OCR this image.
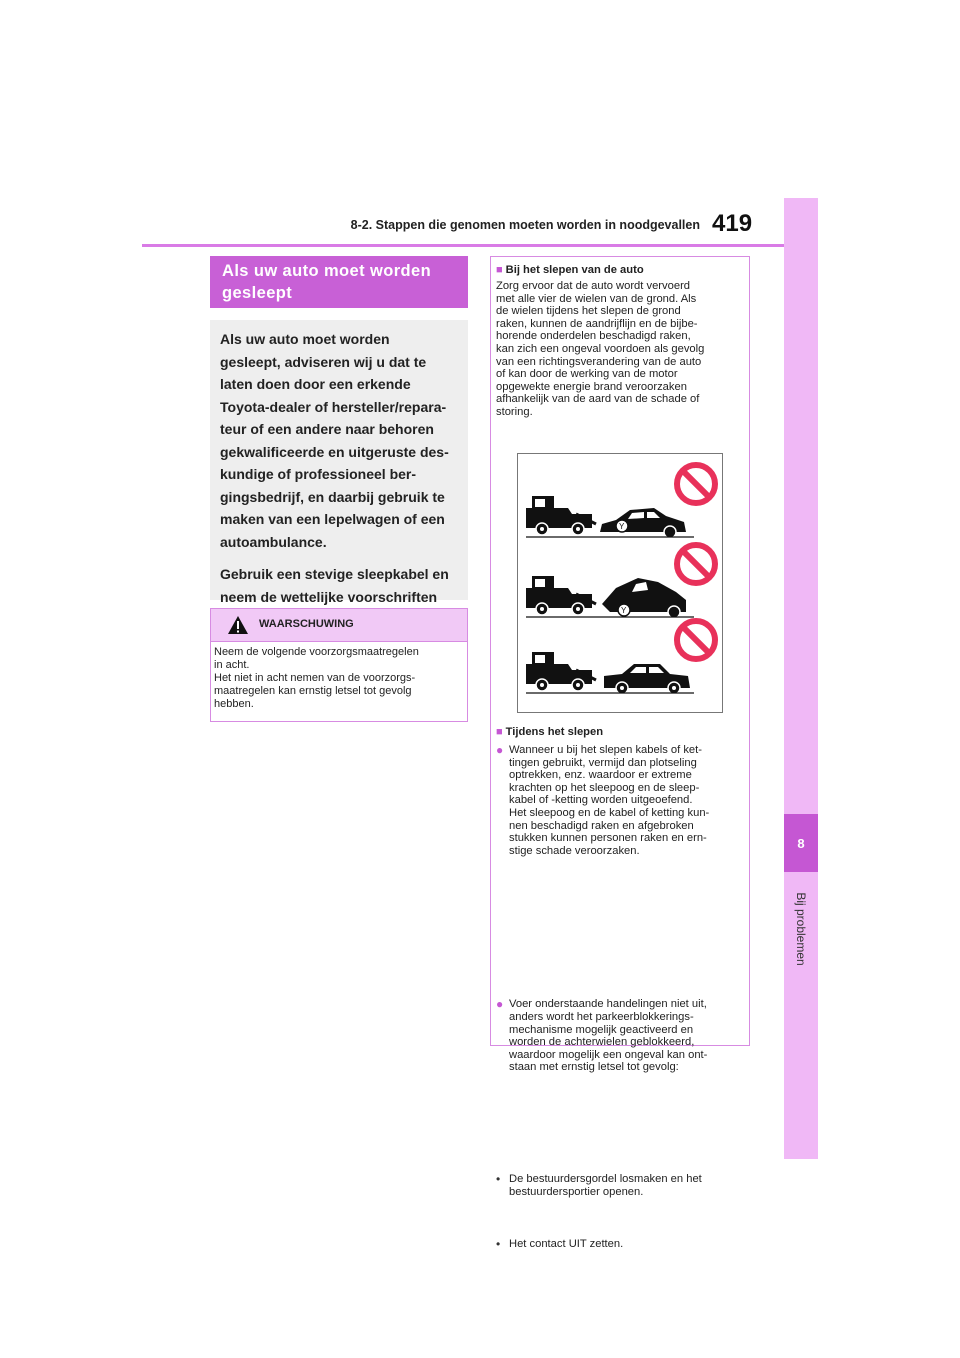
8-2. Stappen die genomen moeten worden in noodgevallen 419
8
Bij problemen
Als uw auto moet worden
gesleept

Als uw auto moet worden
gesleept, adviseren wij u dat te
laten doen door een erkende
Toyota-dealer of hersteller/repara-
teur of een andere naar behoren
gekwalificeerde en uitgeruste des-
kundige of professioneel ber-
gingsbedrijf, en daarbij gebruik te
maken van een lepelwagen of een
autoambulance.

Gebruik een stevige sleepkabel en
neem de wettelijke voorschriften

WAARSCHUWING
Neem de volgende voorzorgsmaatregelen
in acht.
Het niet in acht nemen van de voorzorgs-
maatregelen kan ernstig letsel tot gevolg
hebben.
■ Bij het slepen van de auto
Zorg ervoor dat de auto wordt vervoerd
met alle vier de wielen van de grond. Als
de wielen tijdens het slepen de grond
raken, kunnen de aandrijflijn en de bijbe-
horende onderdelen beschadigd raken,
kan zich een ongeval voordoen als gevolg
van een richtingsverandering van de auto
of kan door de werking van de motor
opgewekte energie brand veroorzaken
afhankelijk van de aard van de schade of
storing.
Y
Y
■ Tijdens het slepen
● Wanneer u bij het slepen kabels of ket-
tingen gebruikt, vermijd dan plotseling
optrekken, enz. waardoor er extreme
krachten op het sleepoog en de sleep-
kabel of -ketting worden uitgeoefend.
Het sleepoog en de kabel of ketting kun-
nen beschadigd raken en afgebroken
stukken kunnen personen raken en ern-
stige schade veroorzaken.
● Voer onderstaande handelingen niet uit,
anders wordt het parkeerblokkerings-
mechanisme mogelijk geactiveerd en
worden de achterwielen geblokkeerd,
waardoor mogelijk een ongeval kan ont-
staan met ernstig letsel tot gevolg:
• De bestuurdersgordel losmaken en het
bestuurdersportier openen.
• Het contact UIT zetten.
